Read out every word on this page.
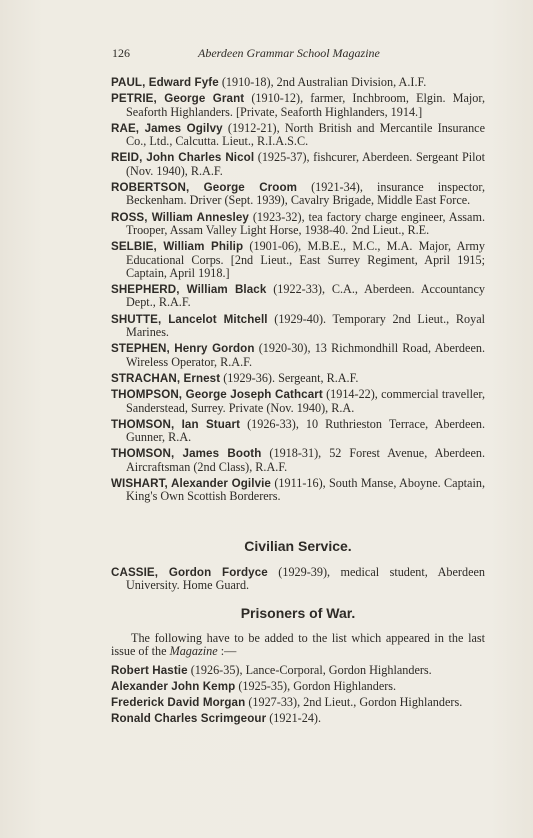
126	Aberdeen Grammar School Magazine

PAUL, Edward Fyfe (1910-18), 2nd Australian Division, A.I.F.

PETRIE, George Grant (1910-12), farmer, Inchbroom, Elgin. Major, Seaforth Highlanders. [Private, Seaforth Highlanders, 1914.]

RAE, James Ogilvy (1912-21), North British and Mercantile Insurance Co., Ltd., Calcutta. Lieut., R.I.A.S.C.

REID, John Charles Nicol (1925-37), fishcurer, Aberdeen. Sergeant Pilot (Nov. 1940), R.A.F.

ROBERTSON, George Croom (1921-34), insurance inspector, Beckenham. Driver (Sept. 1939), Cavalry Brigade, Middle East Force.

ROSS, William Annesley (1923-32), tea factory charge engineer, Assam. Trooper, Assam Valley Light Horse, 1938-40. 2nd Lieut., R.E.

SELBIE, William Philip (1901-06), M.B.E., M.C., M.A. Major, Army Educational Corps. [2nd Lieut., East Surrey Regiment, April 1915; Captain, April 1918.]

SHEPHERD, William Black (1922-33), C.A., Aberdeen. Accountancy Dept., R.A.F.

SHUTTE, Lancelot Mitchell (1929-40). Temporary 2nd Lieut., Royal Marines.

STEPHEN, Henry Gordon (1920-30), 13 Richmondhill Road, Aberdeen. Wireless Operator, R.A.F.

STRACHAN, Ernest (1929-36). Sergeant, R.A.F.

THOMPSON, George Joseph Cathcart (1914-22), commercial traveller, Sanderstead, Surrey. Private (Nov. 1940), R.A.

THOMSON, Ian Stuart (1926-33), 10 Ruthrieston Terrace, Aberdeen. Gunner, R.A.

THOMSON, James Booth (1918-31), 52 Forest Avenue, Aberdeen. Aircraftsman (2nd Class), R.A.F.

WISHART, Alexander Ogilvie (1911-16), South Manse, Aboyne. Captain, King's Own Scottish Borderers.

Civilian Service.

CASSIE, Gordon Fordyce (1929-39), medical student, Aberdeen University. Home Guard.

Prisoners of War.

The following have to be added to the list which appeared in the last issue of the Magazine :—

Robert Hastie (1926-35), Lance-Corporal, Gordon Highlanders.

Alexander John Kemp (1925-35), Gordon Highlanders.

Frederick David Morgan (1927-33), 2nd Lieut., Gordon Highlanders.

Ronald Charles Scrimgeour (1921-24).
